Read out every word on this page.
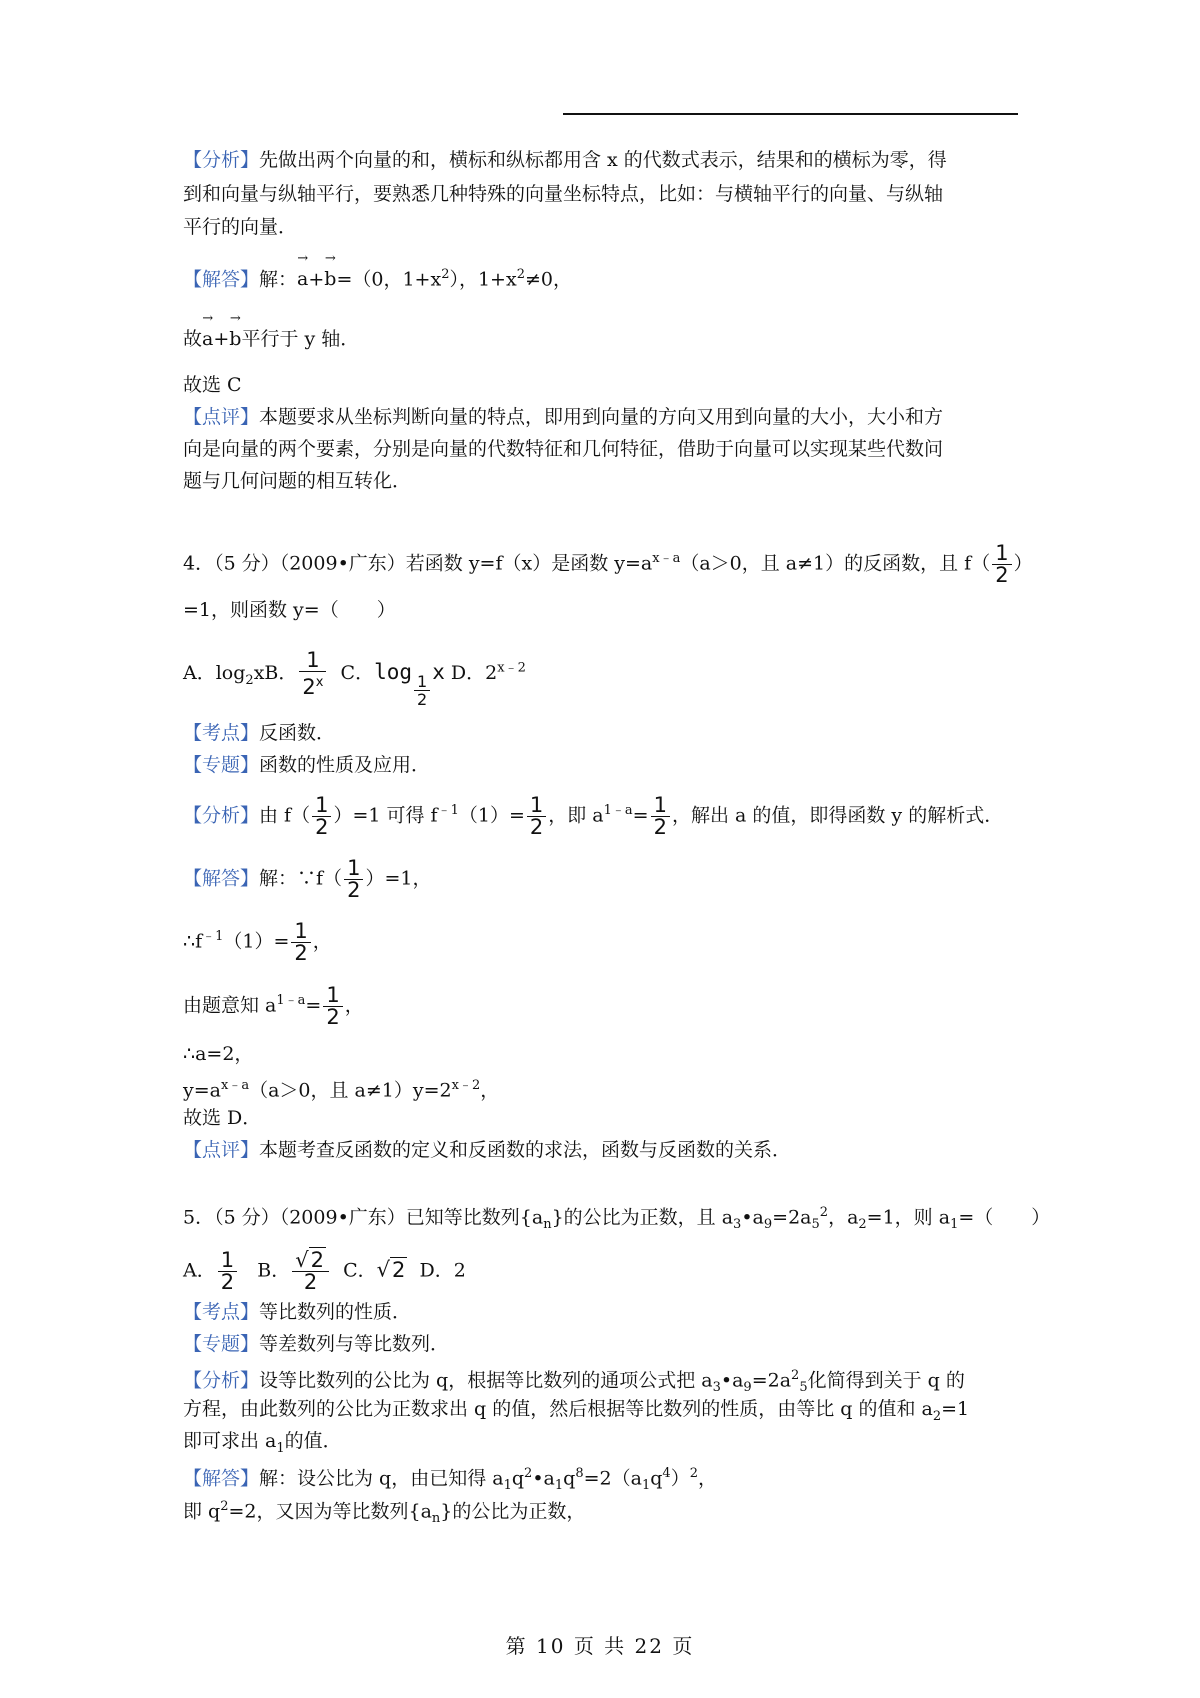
【分析】先做出两个向量的和，横标和纵标都用含 x 的代数式表示，结果和的横标为零，得
到和向量与纵轴平行，要熟悉几种特殊的向量坐标特点，比如：与横轴平行的向量、与纵轴
平行的向量．
【解答】解：→ a+→ b=（0，$1+x^2$），$1+x^2\ne 0$，
故→ a+→ b平行于 y 轴．
故选 C
【点评】本题要求从坐标判断向量的特点，即用到向量的方向又用到向量的大小，大小和方
向是向量的两个要素，分别是向量的代数特征和几何特征，借助于向量可以实现某些代数问
题与几何问题的相互转化．
4．（5 分）（2009•广东）若函数 y=f（x）是函数 $y=a^{x﹣a}(a>0$，且 a≠1）的反函数，且 $f( \frac{1}{2}$ ）
=1，则函数 y=（　　）
A．$\log_2xB$． $\frac{1}{2^x}$ C．log
$\frac{1}{2}$
x D．$2^{x﹣2}$
【考点】反函数．
【专题】函数的性质及应用．
【分析】由 $f( \frac{1}{2} )=1$ 可得 $f^{﹣1}(1)= \frac{1}{2}$ ，即 $a^{1﹣a}= \frac{1}{2}$ ，解出 a 的值，即得函数 y 的解析式．
【解答】解：∵f（ $\frac{1}{2} )=1$，
$\therefore f^{﹣1}(1)= \frac{1}{2}$ ，
由题意知 $a^{1﹣a}= \frac{1}{2}$ ，
∴a=2，
$y=a^{x﹣a}(a>0$，且 $a\ne 1)y=2^{x﹣2}$，
故选 D．
【点评】本题考查反函数的定义和反函数的求法，函数与反函数的关系．
5．（5 分）（2009•广东）已知等比数列$\{a_n\}$的公比为正数，且 $a_3•a_9=2a_5^2$，$a_2=1$，则 $a_1=$（　　）
A． $\frac{1}{2}$ B． $\frac{√2}{2}$ C．√2 D．2
【考点】等比数列的性质．
【专题】等差数列与等比数列．
【分析】设等比数列的公比为 q，根据等比数列的通项公式把 $a_3•a_9=2a^2_5$化简得到关于 q 的
方程，由此数列的公比为正数求出 q 的值，然后根据等比数列的性质，由等比 q 的值和 $a_2=1$
即可求出 $a_1$的值．
【解答】解：设公比为 q，由已知得 $a_1q^2•a_1q^8=2(a_1q^4)^2$，
即 $q^2=2$，又因为等比数列$\{a_n\}$的公比为正数，
第 10 页 共 22 页
